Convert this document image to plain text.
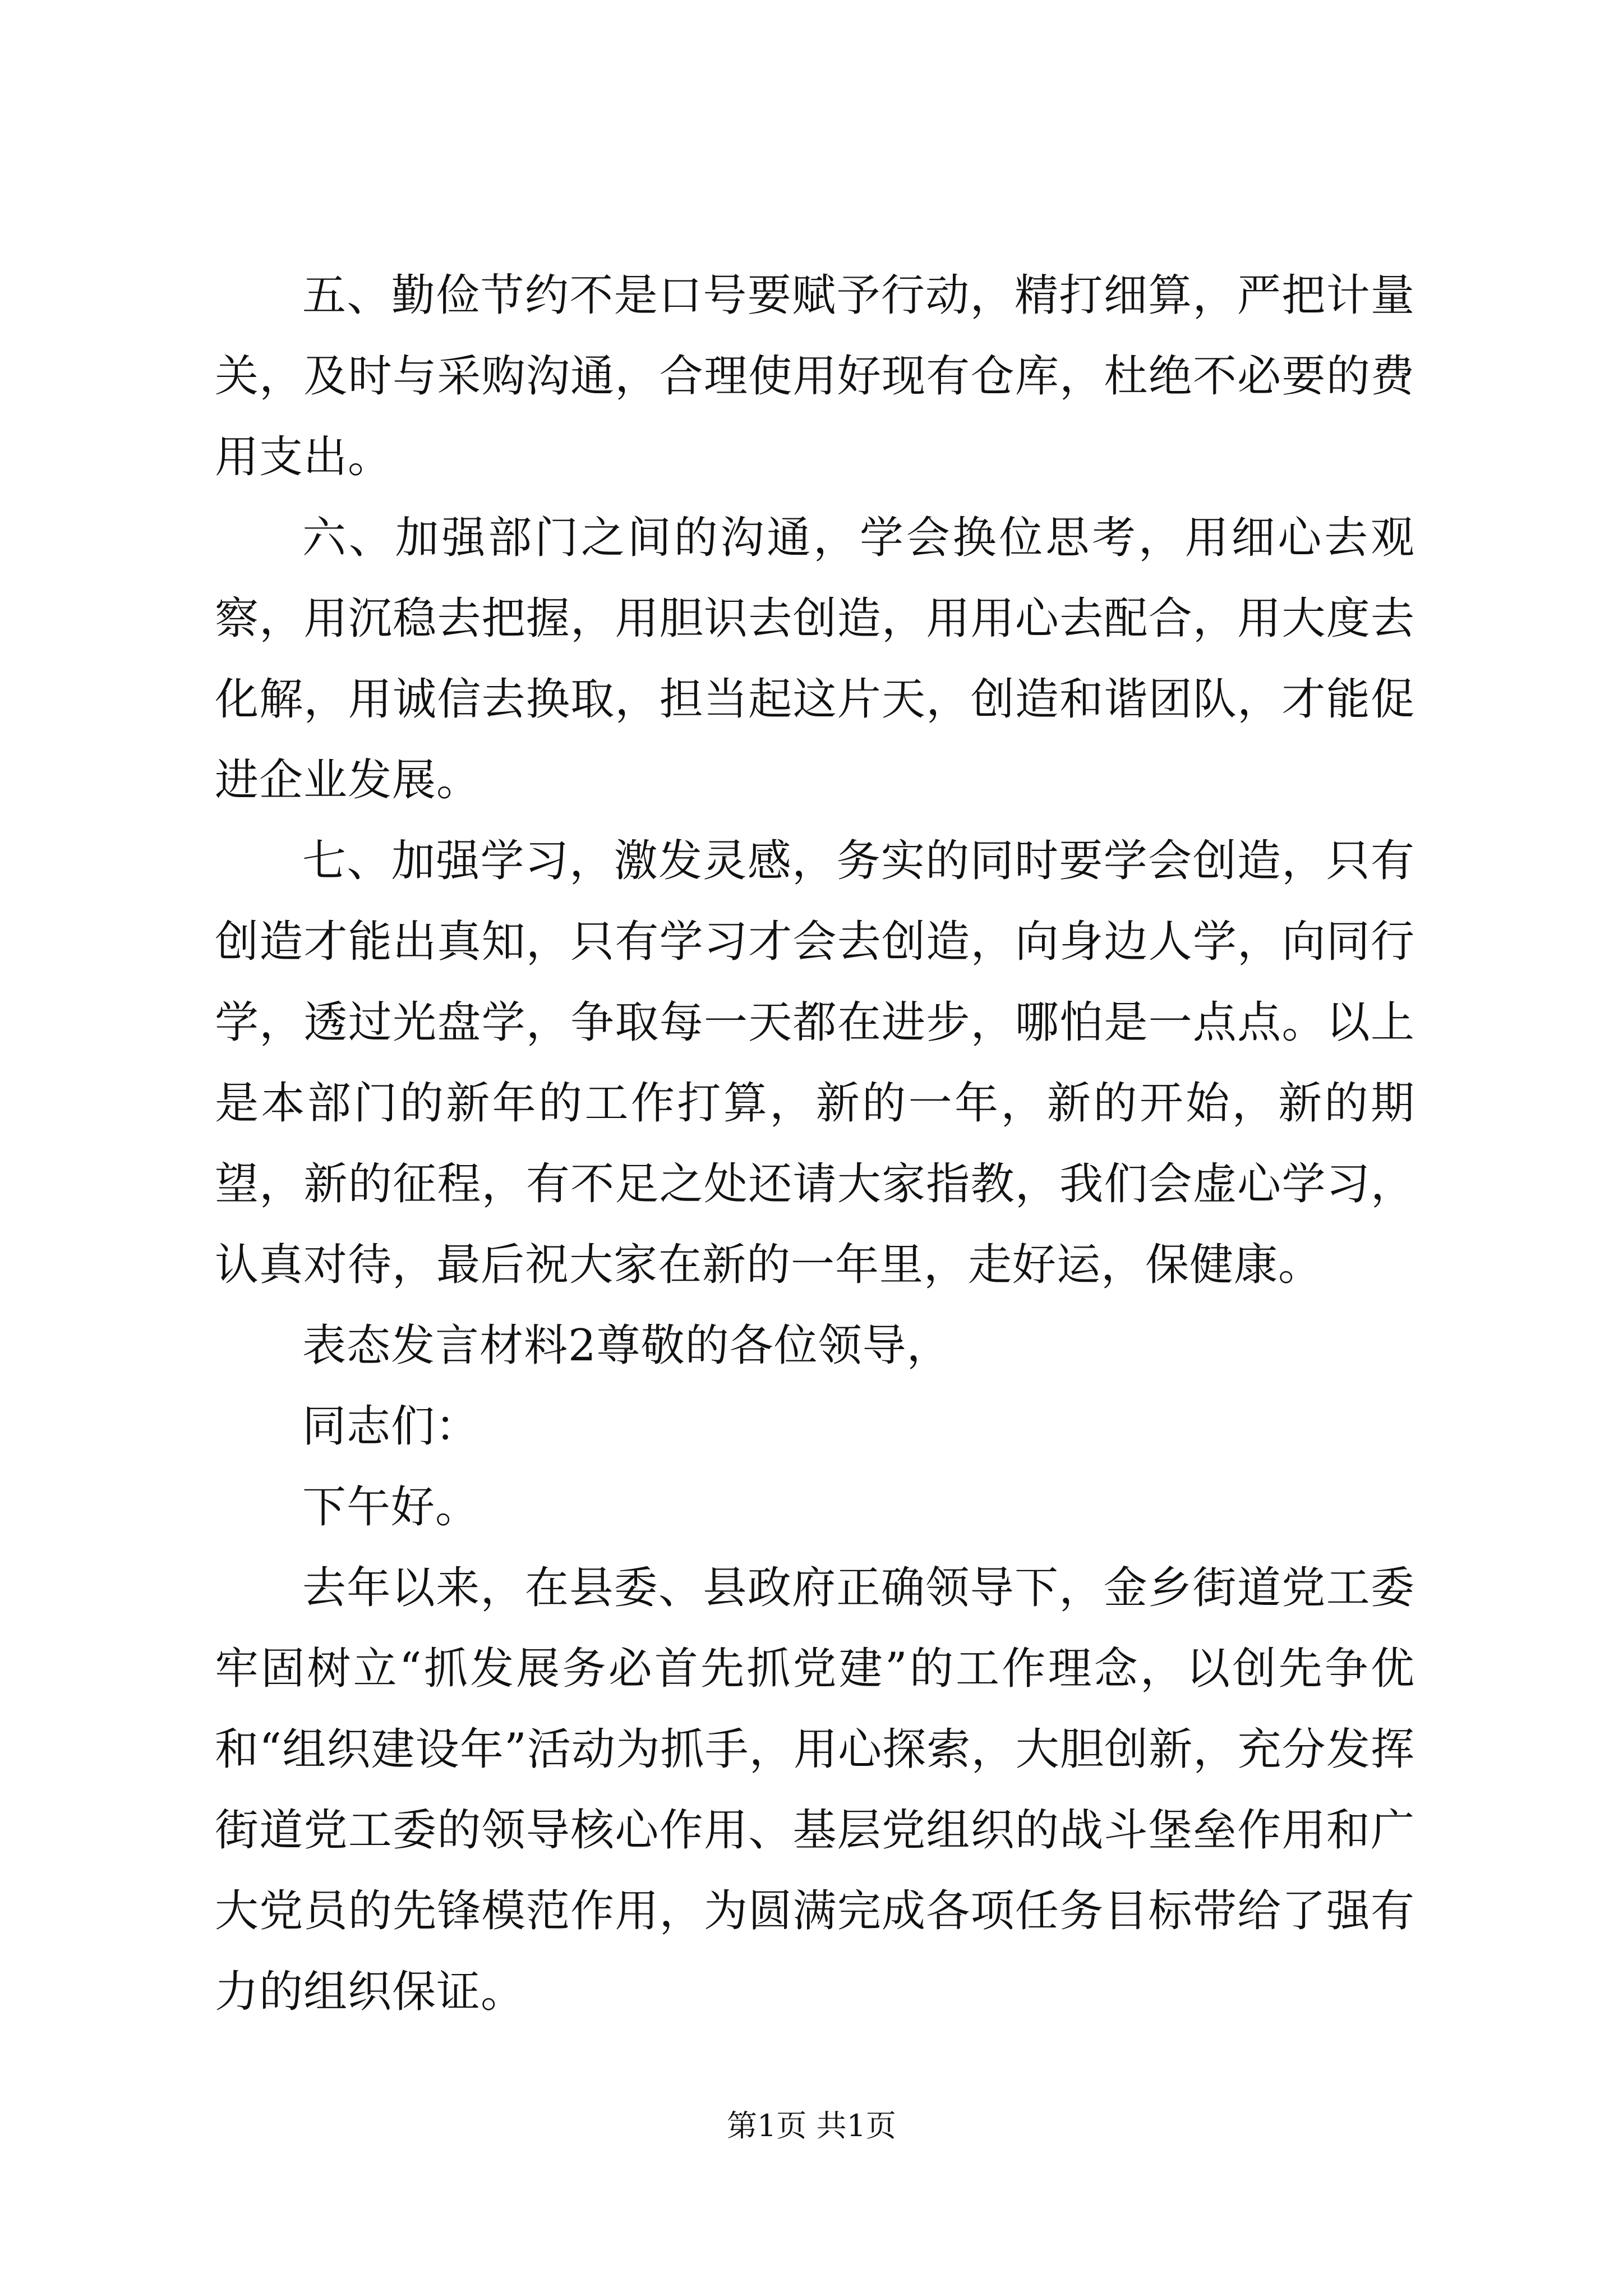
五、勤俭节约不是口号要赋予行动，精打细算，严把计量关，及时与采购沟通，合理使用好现有仓库，杜绝不必要的费用支出。

六、加强部门之间的沟通，学会换位思考，用细心去观察，用沉稳去把握，用胆识去创造，用用心去配合，用大度去化解，用诚信去换取，担当起这片天，创造和谐团队，才能促进企业发展。

七、加强学习，激发灵感，务实的同时要学会创造，只有创造才能出真知，只有学习才会去创造，向身边人学，向同行学，透过光盘学，争取每一天都在进步，哪怕是一点点。以上是本部门的新年的工作打算，新的一年，新的开始，新的期望，新的征程，有不足之处还请大家指教，我们会虚心学习，认真对待，最后祝大家在新的一年里，走好运，保健康。

表态发言材料2尊敬的各位领导，

同志们：

下午好。

去年以来，在县委、县政府正确领导下，金乡街道党工委牢固树立“抓发展务必首先抓党建”的工作理念，以创先争优和“组织建设年”活动为抓手，用心探索，大胆创新，充分发挥街道党工委的领导核心作用、基层党组织的战斗堡垒作用和广大党员的先锋模范作用，为圆满完成各项任务目标带给了强有力的组织保证。

第1页 共1页
